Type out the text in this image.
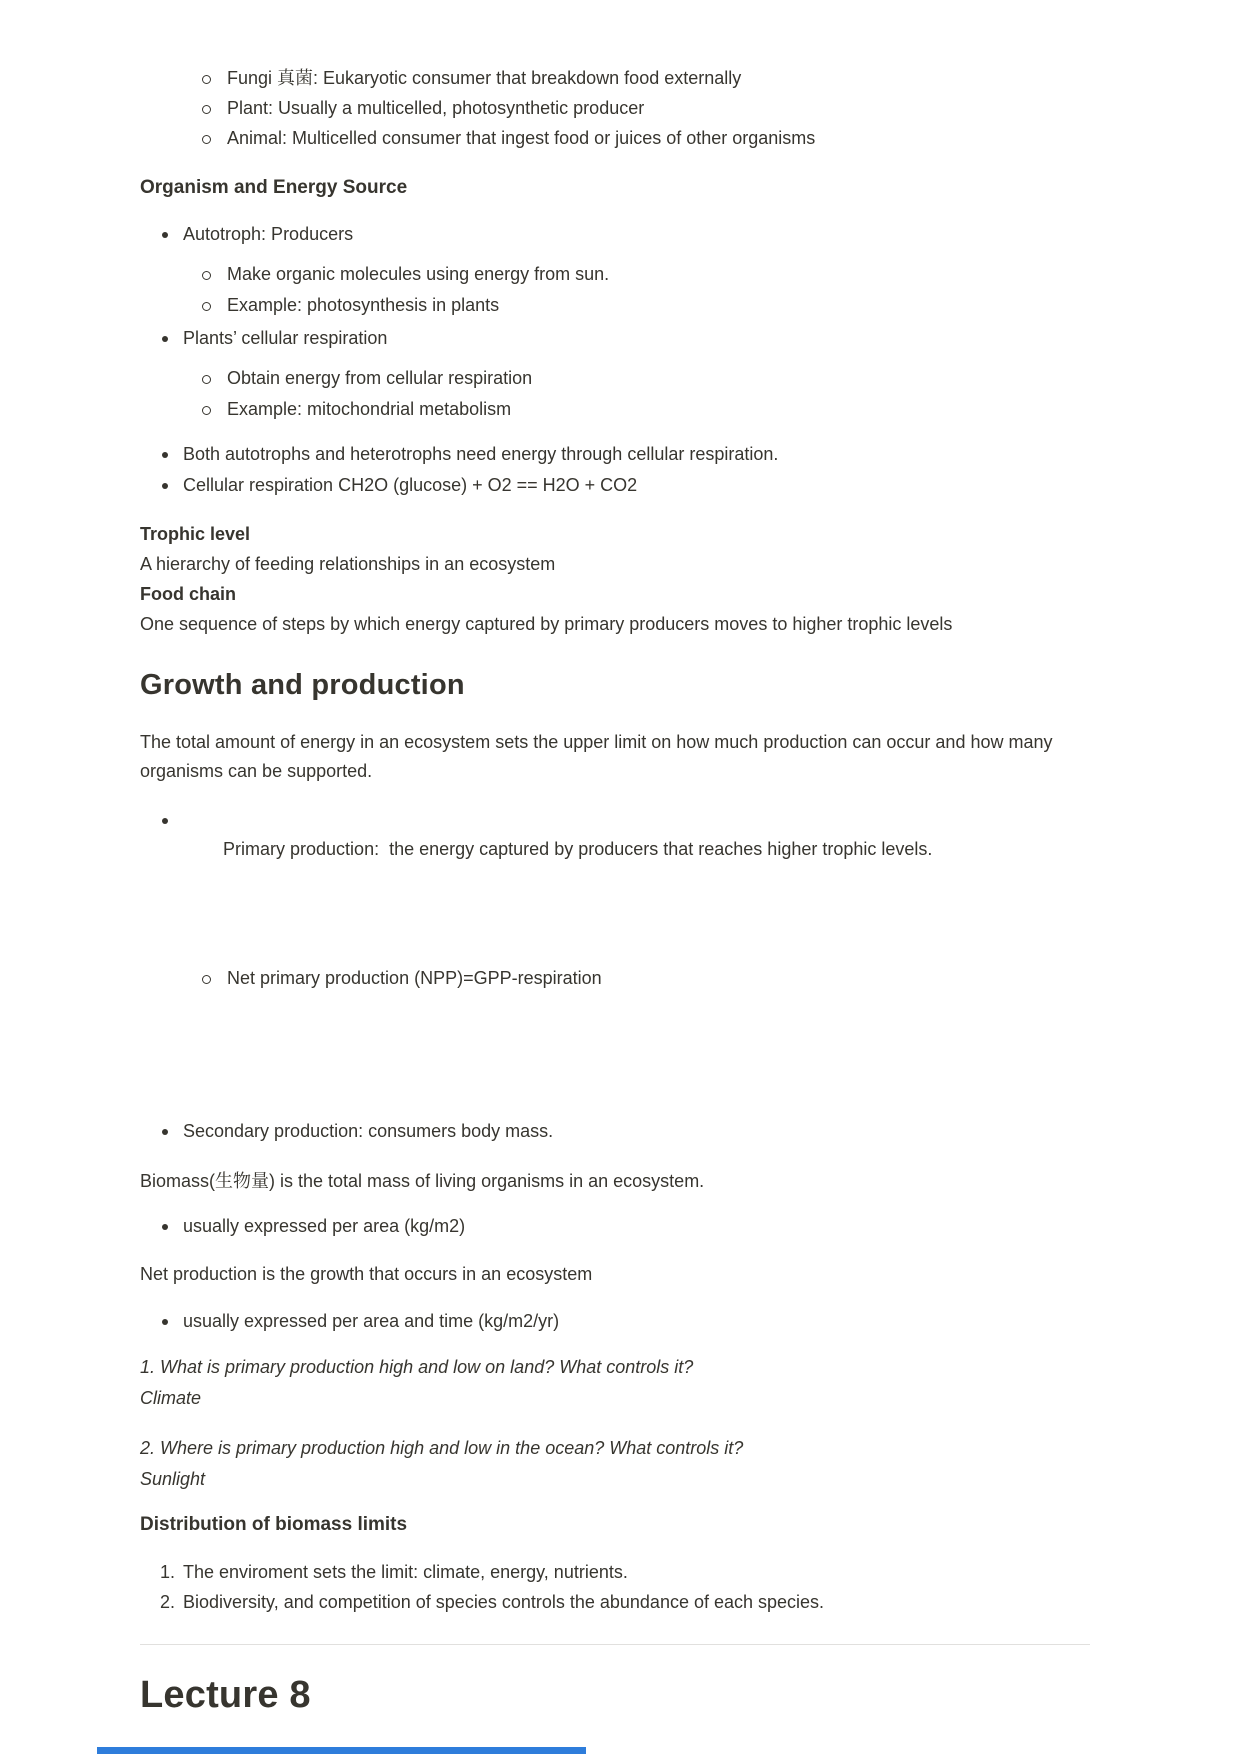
Fungi 真菌: Eukaryotic consumer that breakdown food externally
Plant: Usually a multicelled, photosynthetic producer
Animal: Multicelled consumer that ingest food or juices of other organisms
Organism and Energy Source
Autotroph: Producers
Make organic molecules using energy from sun.
Example: photosynthesis in plants
Plants’ cellular respiration
Obtain energy from cellular respiration
Example: mitochondrial metabolism
Both autotrophs and heterotrophs need energy through cellular respiration.
Cellular respiration CH2O (glucose) + O2 == H2O + CO2
Trophic level
A hierarchy of feeding relationships in an ecosystem
Food chain
One sequence of steps by which energy captured by primary producers moves to higher trophic levels
Growth and production

The total amount of energy in an ecosystem sets the upper limit on how much production can occur and how many organisms can be supported.

Primary production:  the energy captured by producers that reaches higher trophic levels.

Net primary production (NPP)=GPP-respiration

Secondary production: consumers body mass.

Biomass(生物量) is the total mass of living organisms in an ecosystem.

usually expressed per area (kg/m2)

Net production is the growth that occurs in an ecosystem

usually expressed per area and time (kg/m2/yr)
1. What is primary production high and low on land? What controls it?
Climate
2. Where is primary production high and low in the ocean? What controls it?
Sunlight
Distribution of biomass limits
The enviroment sets the limit: climate, energy, nutrients.
Biodiversity, and competition of species controls the abundance of each species.
Lecture 8
